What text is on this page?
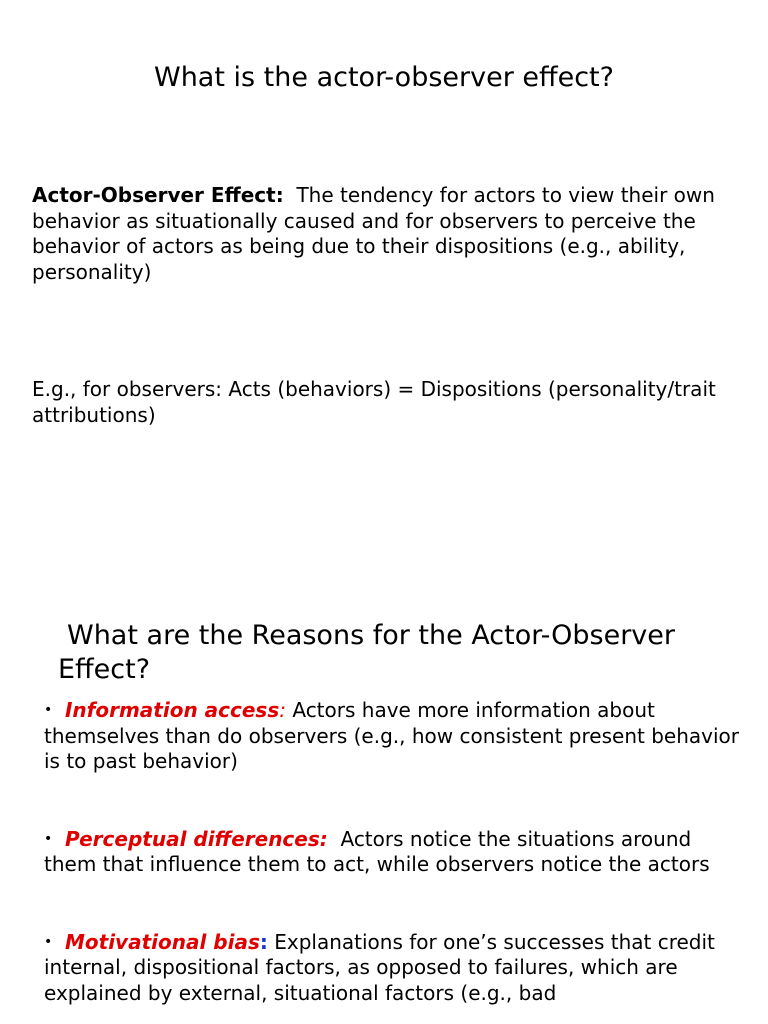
What is the actor-observer effect?

Actor-Observer Effect: The tendency for actors to view their own behavior as situationally caused and for observers to perceive the behavior of actors as being due to their dispositions (e.g., ability, personality)

E.g., for observers: Acts (behaviors) = Dispositions (personality/trait attributions)

What are the Reasons for the Actor-Observer Effect?
• Information access: Actors have more information about themselves than do observers (e.g., how consistent present behavior is to past behavior)
• Perceptual differences: Actors notice the situations around them that influence them to act, while observers notice the actors
• Motivational bias: Explanations for one’s successes that credit internal, dispositional factors, as opposed to failures, which are explained by external, situational factors (e.g., bad
